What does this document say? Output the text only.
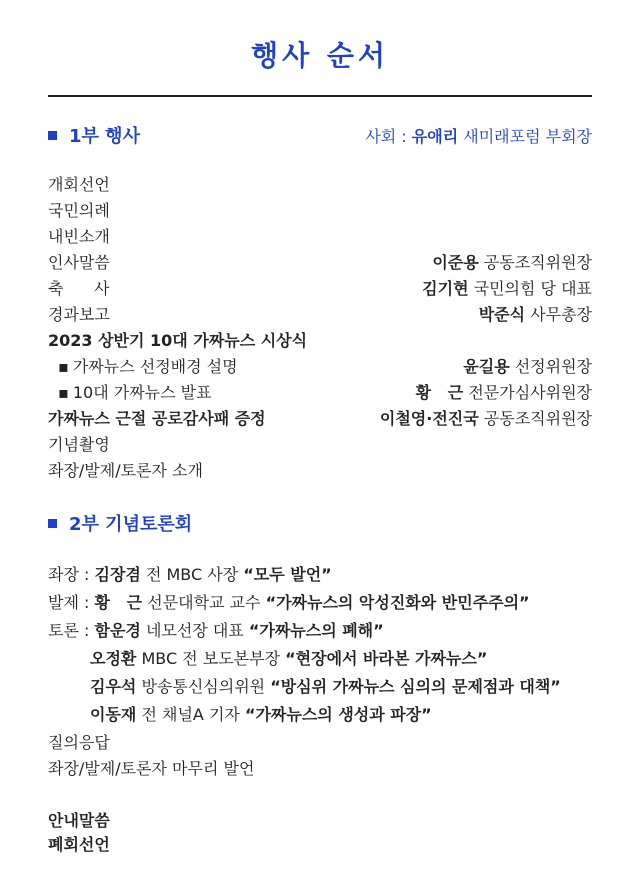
행사 순서
1부 행사	사회 : 유애리 새미래포럼 부회장
개회선언
국민의례
내빈소개
인사말씀	이준용 공동조직위원장
축      사	김기현 국민의힘 당 대표
경과보고	박준식 사무총장
2023 상반기 10대 가짜뉴스 시상식
▪ 가짜뉴스 선정배경 설명	윤길용 선정위원장
▪ 10대 가짜뉴스 발표	황   근 전문가심사위원장
가짜뉴스 근절 공로감사패 증정	이철영·전진국 공동조직위원장
기념촬영
좌장/발제/토론자 소개
2부 기념토론회
좌장 : 김장겸 전 MBC 사장 “모두 발언”
발제 : 황   근 선문대학교 교수 “가짜뉴스의 악성진화와 반민주주의”
토론 : 함운경 네모선장 대표 “가짜뉴스의 폐해”
오정환 MBC 전 보도본부장 “현장에서 바라본 가짜뉴스”
김우석 방송통신심의위원 “방심위 가짜뉴스 심의의 문제점과 대책”
이동재 전 채널A 기자 “가짜뉴스의 생성과 파장”
질의응답
좌장/발제/토론자 마무리 발언
안내말씀
폐회선언
